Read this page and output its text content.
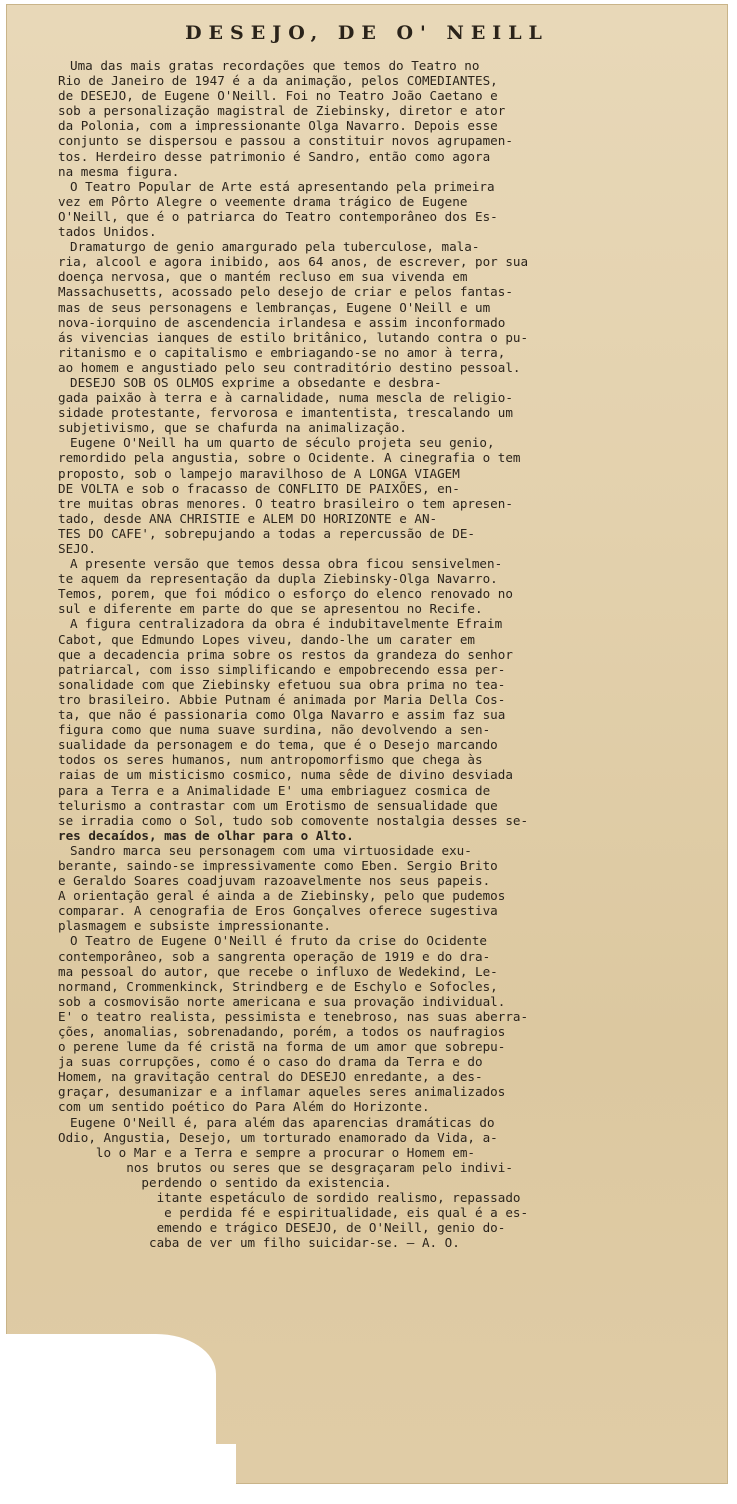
DESEJO, DE O' NEILL
Uma das mais gratas recordações que temos do Teatro no
Rio de Janeiro de 1947 é a da animação, pelos COMEDIANTES,
de DESEJO, de Eugene O'Neill. Foi no Teatro João Caetano e
sob a personalização magistral de Ziebinsky, diretor e ator
da Polonia, com a impressionante Olga Navarro. Depois esse
conjunto se dispersou e passou a constituir novos agrupamen-
tos. Herdeiro desse patrimonio é Sandro, então como agora
na mesma figura.
O Teatro Popular de Arte está apresentando pela primeira
vez em Pôrto Alegre o veemente drama trágico de Eugene
O'Neill, que é o patriarca do Teatro contemporâneo dos Es-
tados Unidos.
Dramaturgo de genio amargurado pela tuberculose, mala-
ria, alcool e agora inibido, aos 64 anos, de escrever, por sua
doença nervosa, que o mantém recluso em sua vivenda em
Massachusetts, acossado pelo desejo de criar e pelos fantas-
mas de seus personagens e lembranças, Eugene O'Neill e um
nova-iorquino de ascendencia irlandesa e assim inconformado
ás vivencias ianques de estilo britânico, lutando contra o pu-
ritanismo e o capitalismo e embriagando-se no amor à terra,
ao homem e angustiado pelo seu contraditório destino pessoal.
DESEJO SOB OS OLMOS exprime a obsedante e desbra-
gada paixão à terra e à carnalidade, numa mescla de religio-
sidade protestante, fervorosa e imantentista, trescalando um
subjetivismo, que se chafurda na animalização.
Eugene O'Neill ha um quarto de século projeta seu genio,
remordido pela angustia, sobre o Ocidente. A cinegrafia o tem
proposto, sob o lampejo maravilhoso de A LONGA VIAGEM
DE VOLTA e sob o fracasso de CONFLITO DE PAIXÕES, en-
tre muitas obras menores. O teatro brasileiro o tem apresen-
tado, desde ANA CHRISTIE e ALEM DO HORIZONTE e AN-
TES DO CAFE', sobrepujando a todas a repercussão de DE-
SEJO.
A presente versão que temos dessa obra ficou sensivelmen-
te aquem da representação da dupla Ziebinsky-Olga Navarro.
Temos, porem, que foi módico o esforço do elenco renovado no
sul e diferente em parte do que se apresentou no Recife.
A figura centralizadora da obra é indubitavelmente Efraim
Cabot, que Edmundo Lopes viveu, dando-lhe um carater em
que a decadencia prima sobre os restos da grandeza do senhor
patriarcal, com isso simplificando e empobrecendo essa per-
sonalidade com que Ziebinsky efetuou sua obra prima no tea-
tro brasileiro. Abbie Putnam é animada por Maria Della Cos-
ta, que não é passionaria como Olga Navarro e assim faz sua
figura como que numa suave surdina, não devolvendo a sen-
sualidade da personagem e do tema, que é o Desejo marcando
todos os seres humanos, num antropomorfismo que chega às
raias de um misticismo cosmico, numa sêde de divino desviada
para a Terra e a Animalidade E' uma embriaguez cosmica de
telurismo a contrastar com um Erotismo de sensualidade que
se irradia como o Sol, tudo sob comovente nostalgia desses se-
res decaídos, mas de olhar para o Alto.
Sandro marca seu personagem com uma virtuosidade exu-
berante, saindo-se impressivamente como Eben. Sergio Brito
e Geraldo Soares coadjuvam razoavelmente nos seus papeis.
A orientação geral é ainda a de Ziebinsky, pelo que pudemos
comparar. A cenografia de Eros Gonçalves oferece sugestiva
plasmagem e subsiste impressionante.
O Teatro de Eugene O'Neill é fruto da crise do Ocidente
contemporâneo, sob a sangrenta operação de 1919 e do dra-
ma pessoal do autor, que recebe o influxo de Wedekind, Le-
normand, Crommenkinck, Strindberg e de Eschylo e Sofocles,
sob a cosmovisão norte americana e sua provação individual.
E' o teatro realista, pessimista e tenebroso, nas suas aberra-
ções, anomalias, sobrenadando, porém, a todos os naufragios
o perene lume da fé cristã na forma de um amor que sobrepu-
ja suas corrupções, como é o caso do drama da Terra e do
Homem, na gravitação central do DESEJO enredante, a des-
graçar, desumanizar e a inflamar aqueles seres animalizados
com um sentido poético do Para Além do Horizonte.
Eugene O'Neill é, para além das aparencias dramáticas do
Odio, Angustia, Desejo, um torturado enamorado da Vida, a-
lo o Mar e a Terra e sempre a procurar o Homem em-
nos brutos ou seres que se desgraçaram pelo indivi-
perdendo o sentido da existencia.
itante espetáculo de sordido realismo, repassado
e perdida fé e espiritualidade, eis qual é a es-
emendo e trágico DESEJO, de O'Neill, genio do-
caba de ver um filho suicidar-se. — A. O.
